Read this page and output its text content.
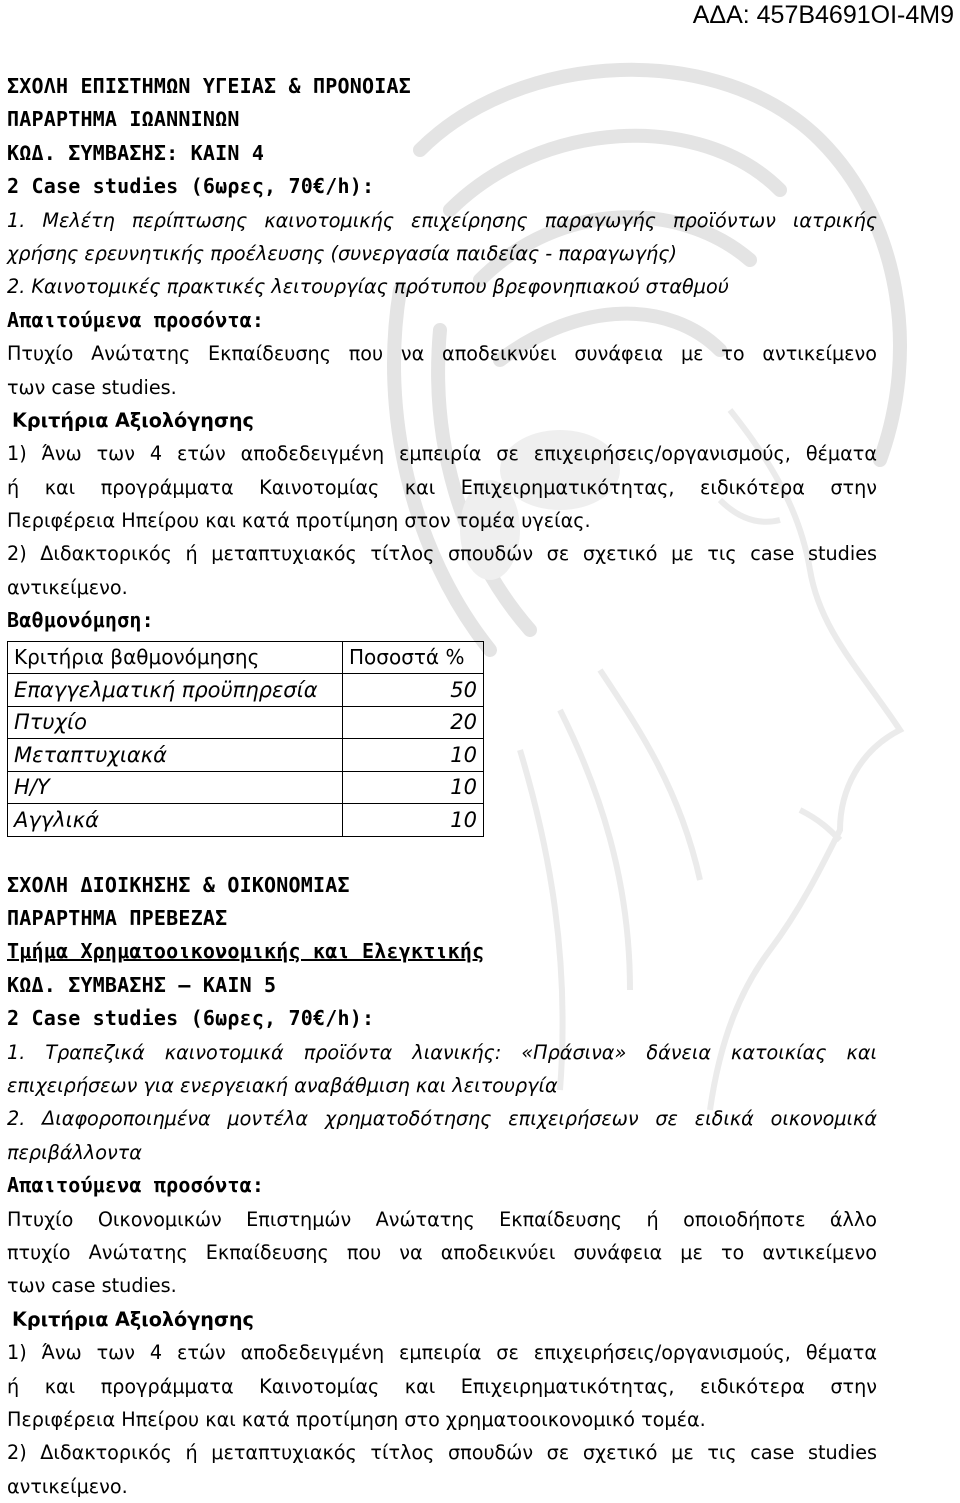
ΑΔΑ: 457Β4691ΟΙ-4Μ9
ΣΧΟΛΗ ΕΠΙΣΤΗΜΩΝ ΥΓΕΙΑΣ & ΠΡΟΝΟΙΑΣ
ΠΑΡΑΡΤΗΜΑ ΙΩΑΝΝΙΝΩΝ
ΚΩΔ. ΣΥΜΒΑΣΗΣ: ΚΑΙΝ 4
2 Case studies (6ωρες, 70€/h):
1. Μελέτη περίπτωσης καινοτομικής επιχείρησης παραγωγής προϊόντων ιατρικής
χρήσης ερευνητικής προέλευσης (συνεργασία παιδείας - παραγωγής)
2. Καινοτομικές πρακτικές λειτουργίας πρότυπου βρεφονηπιακού σταθμού
Απαιτούμενα προσόντα:
Πτυχίο Ανώτατης Εκπαίδευσης που να αποδεικνύει συνάφεια με το αντικείμενο
των case studies.
Κριτήρια Αξιολόγησης
1) Άνω των 4 ετών αποδεδειγμένη εμπειρία σε επιχειρήσεις/οργανισμούς, θέματα
ή και προγράμματα Καινοτομίας και Επιχειρηματικότητας, ειδικότερα στην
Περιφέρεια Ηπείρου και κατά προτίμηση στον τομέα υγείας.
2) Διδακτορικός ή μεταπτυχιακός τίτλος σπουδών σε σχετικό με τις case studies
αντικείμενο.
Βαθμονόμηση:
Κριτήρια βαθμονόμησης	Ποσοστά %
Επαγγελματική προϋπηρεσία	50
Πτυχίο	20
Μεταπτυχιακά	10
Η/Υ	10
Αγγλικά	10
ΣΧΟΛΗ ΔΙΟΙΚΗΣΗΣ & ΟΙΚΟΝΟΜΙΑΣ
ΠΑΡΑΡΤΗΜΑ ΠΡΕΒΕΖΑΣ
Τμήμα Χρηματοοικονομικής και Ελεγκτικής
ΚΩΔ. ΣΥΜΒΑΣΗΣ – ΚΑΙΝ 5
2 Case studies (6ωρες, 70€/h):
1. Τραπεζικά καινοτομικά προϊόντα λιανικής: «Πράσινα» δάνεια κατοικίας και
επιχειρήσεων για ενεργειακή αναβάθμιση και λειτουργία
2. Διαφοροποιημένα μοντέλα χρηματοδότησης επιχειρήσεων σε ειδικά οικονομικά
περιβάλλοντα
Απαιτούμενα προσόντα:
Πτυχίο Οικονομικών Επιστημών Ανώτατης Εκπαίδευσης ή οποιοδήποτε άλλο
πτυχίο Ανώτατης Εκπαίδευσης που να αποδεικνύει συνάφεια με το αντικείμενο
των case studies.
Κριτήρια Αξιολόγησης
1) Άνω των 4 ετών αποδεδειγμένη εμπειρία σε επιχειρήσεις/οργανισμούς, θέματα
ή και προγράμματα Καινοτομίας και Επιχειρηματικότητας, ειδικότερα στην
Περιφέρεια Ηπείρου και κατά προτίμηση στο χρηματοοικονομικό τομέα.
2) Διδακτορικός ή μεταπτυχιακός τίτλος σπουδών σε σχετικό με τις case studies
αντικείμενο.
